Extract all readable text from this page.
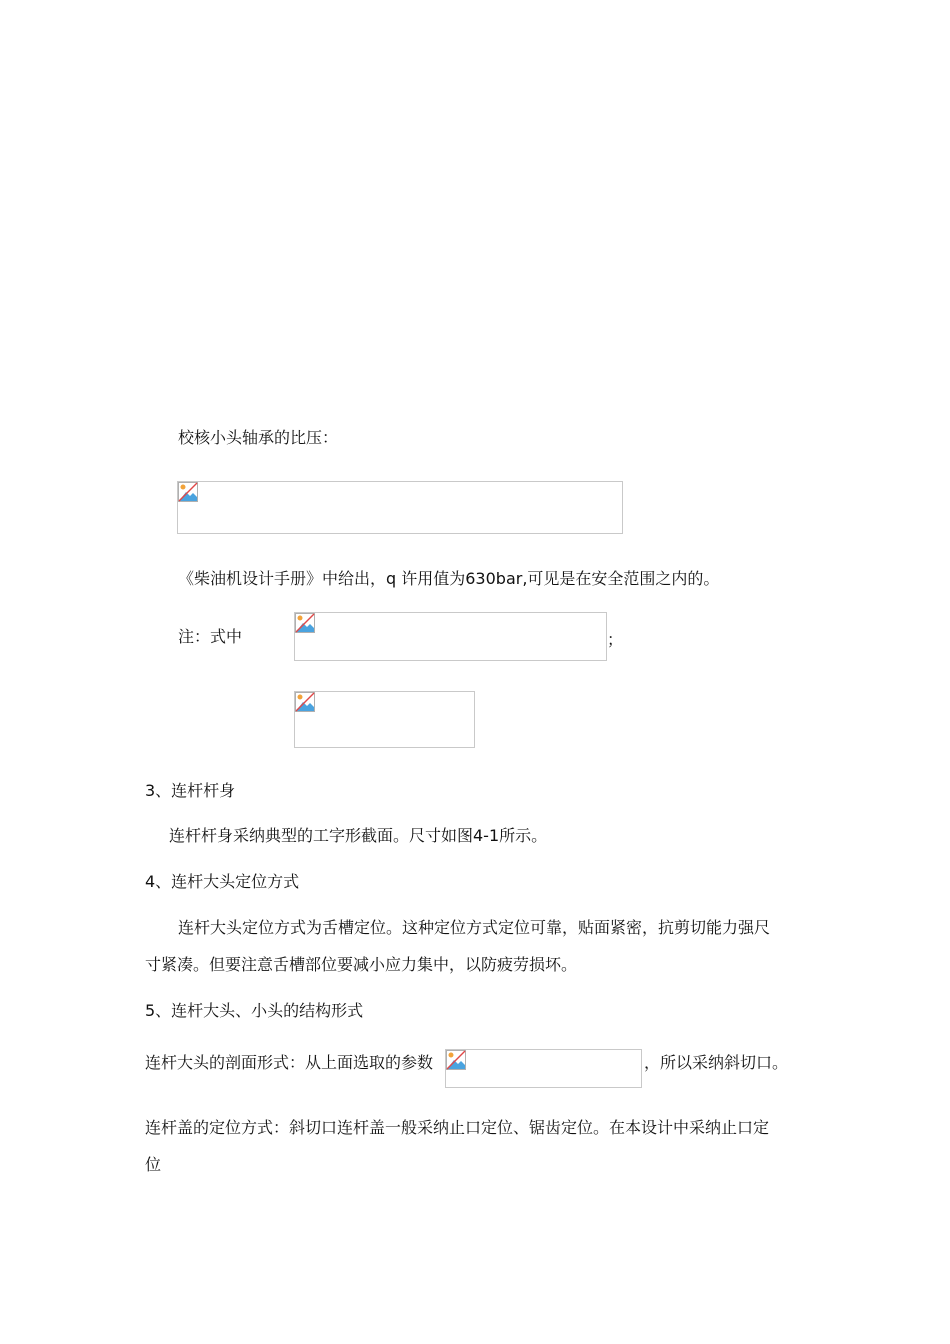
校核小头轴承的比压：
《柴油机设计手册》中给出，q 许用值为630bar,可见是在安全范围之内的。
注：式中	；
3、连杆杆身
连杆杆身采纳典型的工字形截面。尺寸如图4-1所示。
4、连杆大头定位方式
连杆大头定位方式为舌槽定位。这种定位方式定位可靠，贴面紧密，抗剪切能力强尺
寸紧凑。但要注意舌槽部位要减小应力集中，以防疲劳损坏。
5、连杆大头、小头的结构形式
连杆大头的剖面形式：从上面选取的参数	，所以采纳斜切口。
连杆盖的定位方式：斜切口连杆盖一般采纳止口定位、锯齿定位。在本设计中采纳止口定
位
